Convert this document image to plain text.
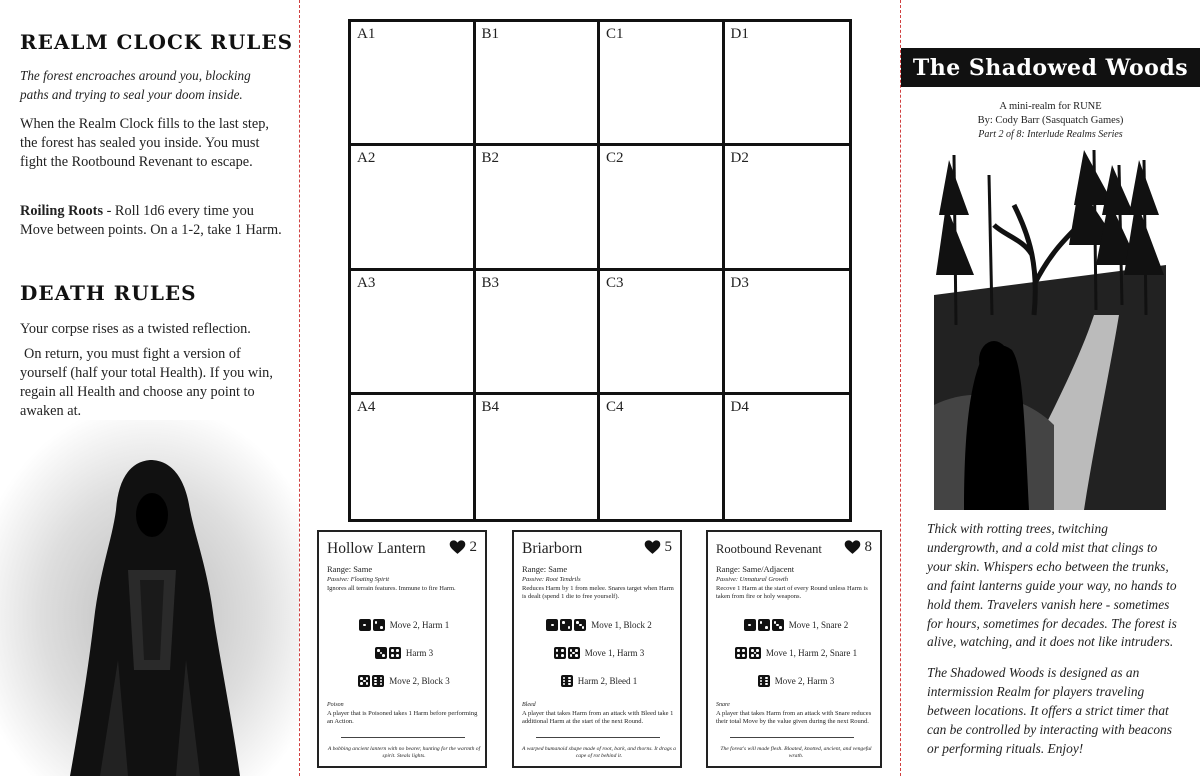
REALM CLOCK RULES

The forest encroaches around you, blocking paths and trying to seal your doom inside.

When the Realm Clock fills to the last step, the forest has sealed you inside. You must fight the Rootbound Revenant to escape.

Roiling Roots - Roll 1d6 every time you Move between points. On a 1-2, take 1 Harm.

DEATH RULES

Your corpse rises as a twisted reflection.

On return, you must fight a version of yourself (half your total Health). If you win, regain all Health and choose any point to awaken at.

A1	B1	C1	D1
A2	B2	C2	D2
A3	B3	C3	D3
A4	B4	C4	D4
Hollow Lantern	2
Range: Same
Passive: Floating Spirit
Ignores all terrain features. Immune to fire Harm.
Move 2, Harm 1
Harm 3
Move 2, Block 3
Poison
A player that is Poisoned takes 1 Harm before performing an Action.
A bobbing ancient lantern with no bearer, hunting for the warmth of spirit. Steals lights.
Briarborn	5
Range: Same
Passive: Root Tendrils
Reduces Harm by 1 from melee. Snares target when Harm is dealt (spend 1 die to free yourself).
Move 1, Block 2
Move 1, Harm 3
Harm 2, Bleed 1
Bleed
A player that takes Harm from an attack with Bleed take 1 additional Harm at the start of the next Round.
A warped humanoid shape made of root, bark, and thorns. It drags a cape of rot behind it.
Rootbound Revenant	8
Range: Same/Adjacent
Passive: Unnatural Growth
Recove 1 Harm at the start of every Round unless Harm is taken from fire or holy weapons.
Move 1, Snare 2
Move 1, Harm 2, Snare 1
Move 2, Harm 3
Snare
A player that takes Harm from an attack with Snare reduces their total Move by the value given during the next Round.
The forest's will made flesh. Bloated, knotted, ancient, and vengeful wrath.
The Shadowed Woods
A mini-realm for RUNE
By: Cody Barr (Sasquatch Games)
Part 2 of 8: Interlude Realms Series

Thick with rotting trees, twitching undergrowth, and a cold mist that clings to your skin. Whispers echo between the trunks, and faint lanterns guide your way, no hands to hold them. Travelers vanish here - sometimes for hours, sometimes for decades. The forest is alive, watching, and it does not like intruders.

The Shadowed Woods is designed as an intermission Realm for players traveling between locations. It offers a strict timer that can be controlled by interacting with beacons or performing rituals. Enjoy!
